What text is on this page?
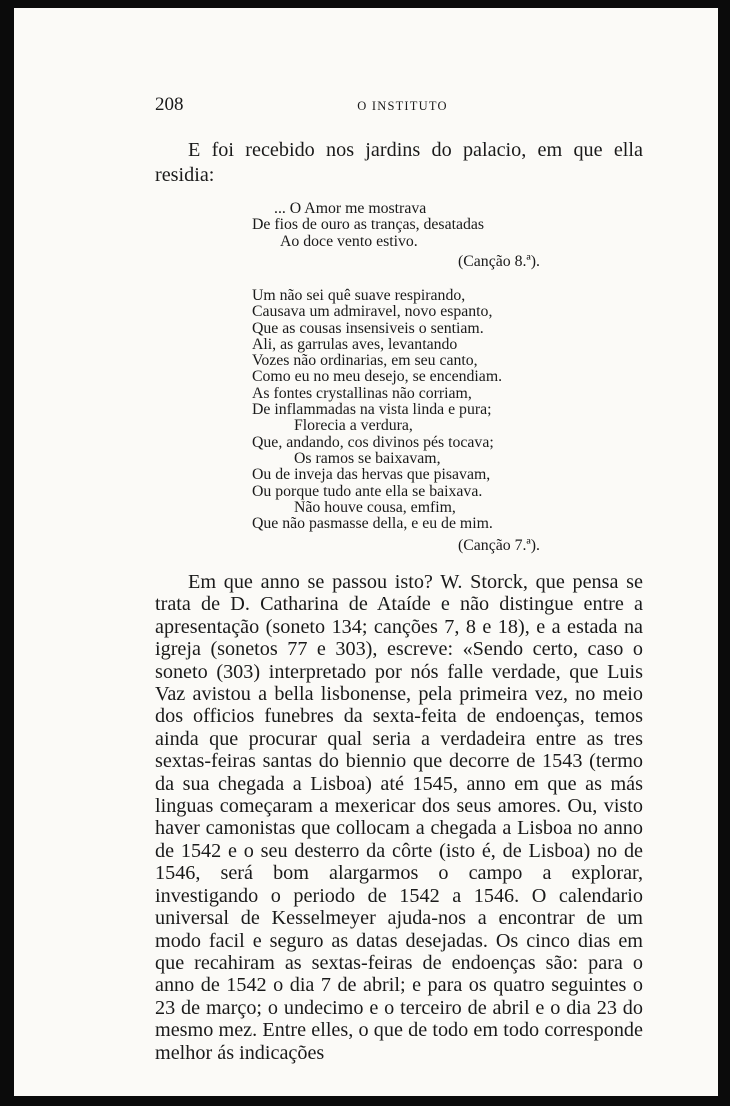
208	O INSTITUTO

E foi recebido nos jardins do palacio, em que ella residia:

... O Amor me mostrava
De fios de ouro as tranças, desatadas
Ao doce vento estivo.
(Canção 8.ª).
Um não sei quê suave respirando,
Causava um admiravel, novo espanto,
Que as cousas insensiveis o sentiam.
Ali, as garrulas aves, levantando
Vozes não ordinarias, em seu canto,
Como eu no meu desejo, se encendiam.
As fontes crystallinas não corriam,
De inflammadas na vista linda e pura;
Florecia a verdura,
Que, andando, cos divinos pés tocava;
Os ramos se baixavam,
Ou de inveja das hervas que pisavam,
Ou porque tudo ante ella se baixava.
Não houve cousa, emfim,
Que não pasmasse della, e eu de mim.
(Canção 7.ª).

Em que anno se passou isto? W. Storck, que pensa se trata de D. Catharina de Ataíde e não distingue entre a apresentação (soneto 134; canções 7, 8 e 18), e a estada na igreja (sonetos 77 e 303), escreve: «Sendo certo, caso o soneto (303) interpretado por nós falle verdade, que Luis Vaz avistou a bella lisbonense, pela primeira vez, no meio dos officios funebres da sexta-feita de endoenças, temos ainda que procurar qual seria a verdadeira entre as tres sextas-feiras santas do biennio que decorre de 1543 (termo da sua chegada a Lisboa) até 1545, anno em que as más linguas começaram a mexericar dos seus amores. Ou, visto haver camonistas que collocam a chegada a Lisboa no anno de 1542 e o seu desterro da côrte (isto é, de Lisboa) no de 1546, será bom alargarmos o campo a explorar, investigando o periodo de 1542 a 1546. O calendario universal de Kesselmeyer ajuda-nos a encontrar de um modo facil e seguro as datas desejadas. Os cinco dias em que recahiram as sextas-feiras de endoenças são: para o anno de 1542 o dia 7 de abril; e para os quatro seguintes o 23 de março; o undecimo e o terceiro de abril e o dia 23 do mesmo mez. Entre elles, o que de todo em todo corresponde melhor ás indicações
